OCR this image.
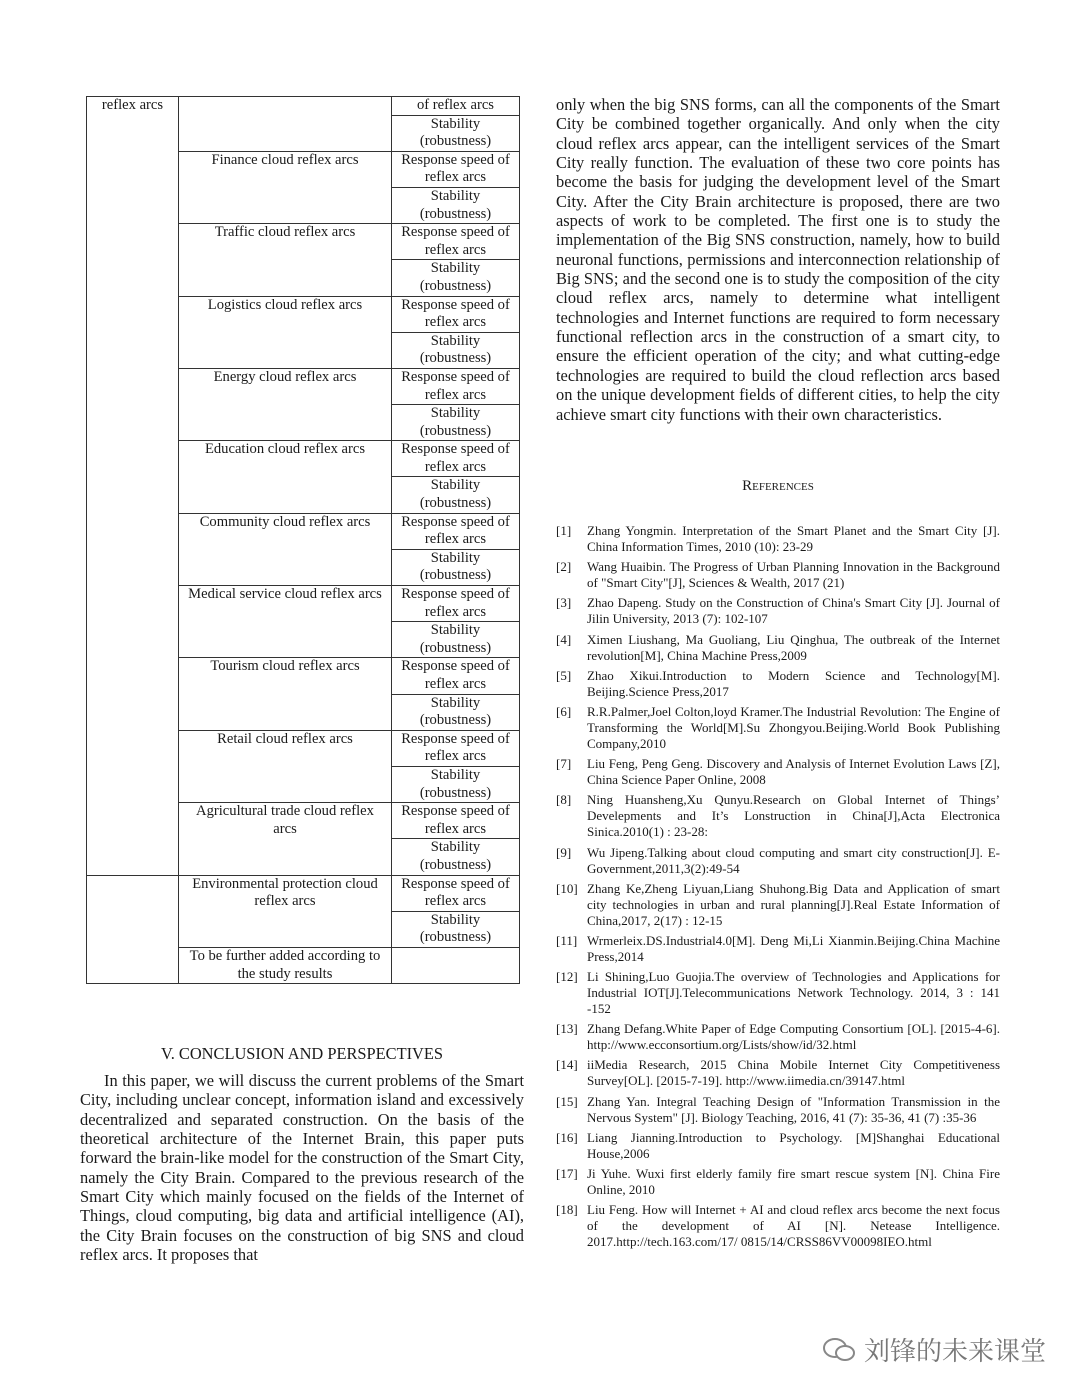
reflex arcs		of reflex arcs
		Stability (robustness)
	Finance cloud reflex arcs	Response speed of reflex arcs
		Stability (robustness)
	Traffic cloud reflex arcs	Response speed of reflex arcs
		Stability (robustness)
	Logistics cloud reflex arcs	Response speed of reflex arcs
		Stability (robustness)
	Energy cloud reflex arcs	Response speed of reflex arcs
		Stability (robustness)
	Education cloud reflex arcs	Response speed of reflex arcs
		Stability (robustness)
	Community cloud reflex arcs	Response speed of reflex arcs
		Stability (robustness)
	Medical service cloud reflex arcs	Response speed of reflex arcs
		Stability (robustness)
	Tourism cloud reflex arcs	Response speed of reflex arcs
		Stability (robustness)
	Retail cloud reflex arcs	Response speed of reflex arcs
		Stability (robustness)
	Agricultural trade cloud reflex arcs	Response speed of reflex arcs
		Stability (robustness)
	Environmental protection cloud reflex arcs	Response speed of reflex arcs
		Stability (robustness)
	To be further added according to the study results	
V. CONCLUSION AND PERSPECTIVES
In this paper, we will discuss the current problems of the Smart City, including unclear concept, information island and excessively decentralized and separated construction. On the basis of the theoretical architecture of the Internet Brain, this paper puts forward the brain-like model for the construction of the Smart City, namely the City Brain. Compared to the previous research of the Smart City which mainly focused on the fields of the Internet of Things, cloud computing, big data and artificial intelligence (AI), the City Brain focuses on the construction of big SNS and cloud reflex arcs. It proposes that
only when the big SNS forms, can all the components of the Smart City be combined together organically. And only when the city cloud reflex arcs appear, can the intelligent services of the Smart City really function. The evaluation of these two core points has become the basis for judging the development level of the Smart City. After the City Brain architecture is proposed, there are two aspects of work to be completed. The first one is to study the implementation of the Big SNS construction, namely, how to build neuronal functions, permissions and interconnection relationship of Big SNS; and the second one is to study the composition of the city cloud reflex arcs, namely to determine what intelligent technologies and Internet functions are required to form necessary functional reflection arcs in the construction of a smart city, to ensure the efficient operation of the city; and what cutting-edge technologies are required to build the cloud reflection arcs based on the unique development fields of different cities, to help the city achieve smart city functions with their own characteristics.
References
[1]	Zhang Yongmin. Interpretation of the Smart Planet and the Smart City [J]. China Information Times, 2010 (10): 23-29
[2]	Wang Huaibin. The Progress of Urban Planning Innovation in the Background of "Smart City"[J], Sciences & Wealth, 2017 (21)
[3]	Zhao Dapeng. Study on the Construction of China's Smart City [J]. Journal of Jilin University, 2013 (7): 102-107
[4]	Ximen Liushang, Ma Guoliang, Liu Qinghua, The outbreak of the Internet revolution[M], China Machine Press,2009
[5]	Zhao Xikui.Introduction to Modern Science and Technology[M]. Beijing.Science Press,2017
[6]	R.R.Palmer,Joel Colton,loyd Kramer.The Industrial Revolution: The Engine of Transforming the World[M].Su Zhongyou.Beijing.World Book Publishing Company,2010
[7]	Liu Feng, Peng Geng. Discovery and Analysis of Internet Evolution Laws [Z], China Science Paper Online, 2008
[8]	Ning Huansheng,Xu Qunyu.Research on Global Internet of Things’ Develepments and It’s Lonstruction in China[J],Acta Electronica Sinica.2010(1) : 23-28:
[9]	Wu Jipeng.Talking about cloud computing and smart city construction[J]. E-Government,2011,3(2):49-54
[10] Zhang Ke,Zheng Liyuan,Liang Shuhong.Big Data and Application of smart city technologies in urban and rural planning[J].Real Estate Information of China,2017, 2(17) : 12-15
[11] Wrmerleix.DS.Industrial4.0[M]. Deng Mi,Li Xianmin.Beijing.China Machine Press,2014
[12] Li Shining,Luo Guojia.The overview of Technologies and Applications for Industrial IOT[J].Telecommunications Network Technology. 2014, 3 : 141 -152
[13] Zhang Defang.White Paper of Edge Computing Consortium [OL]. [2015-4-6]. http://www.ecconsortium.org/Lists/show/id/32.html
[14] iiMedia Research, 2015 China Mobile Internet City Competitiveness Survey[OL]. [2015-7-19]. http://www.iimedia.cn/39147.html
[15] Zhang Yan. Integral Teaching Design of "Information Transmission in the Nervous System" [J]. Biology Teaching, 2016, 41 (7): 35-36, 41 (7) :35-36
[16] Liang Jianning.Introduction to Psychology. [M]Shanghai Educational House,2006
[17] Ji Yuhe. Wuxi first elderly family fire smart rescue system [N]. China Fire Online, 2010
[18] Liu Feng. How will Internet + AI and cloud reflex arcs become the next focus of the development of AI [N]. Netease Intelligence. 2017.http://tech.163.com/17/ 0815/14/CRSS86VV00098IEO.html
刘锋的未来课堂
